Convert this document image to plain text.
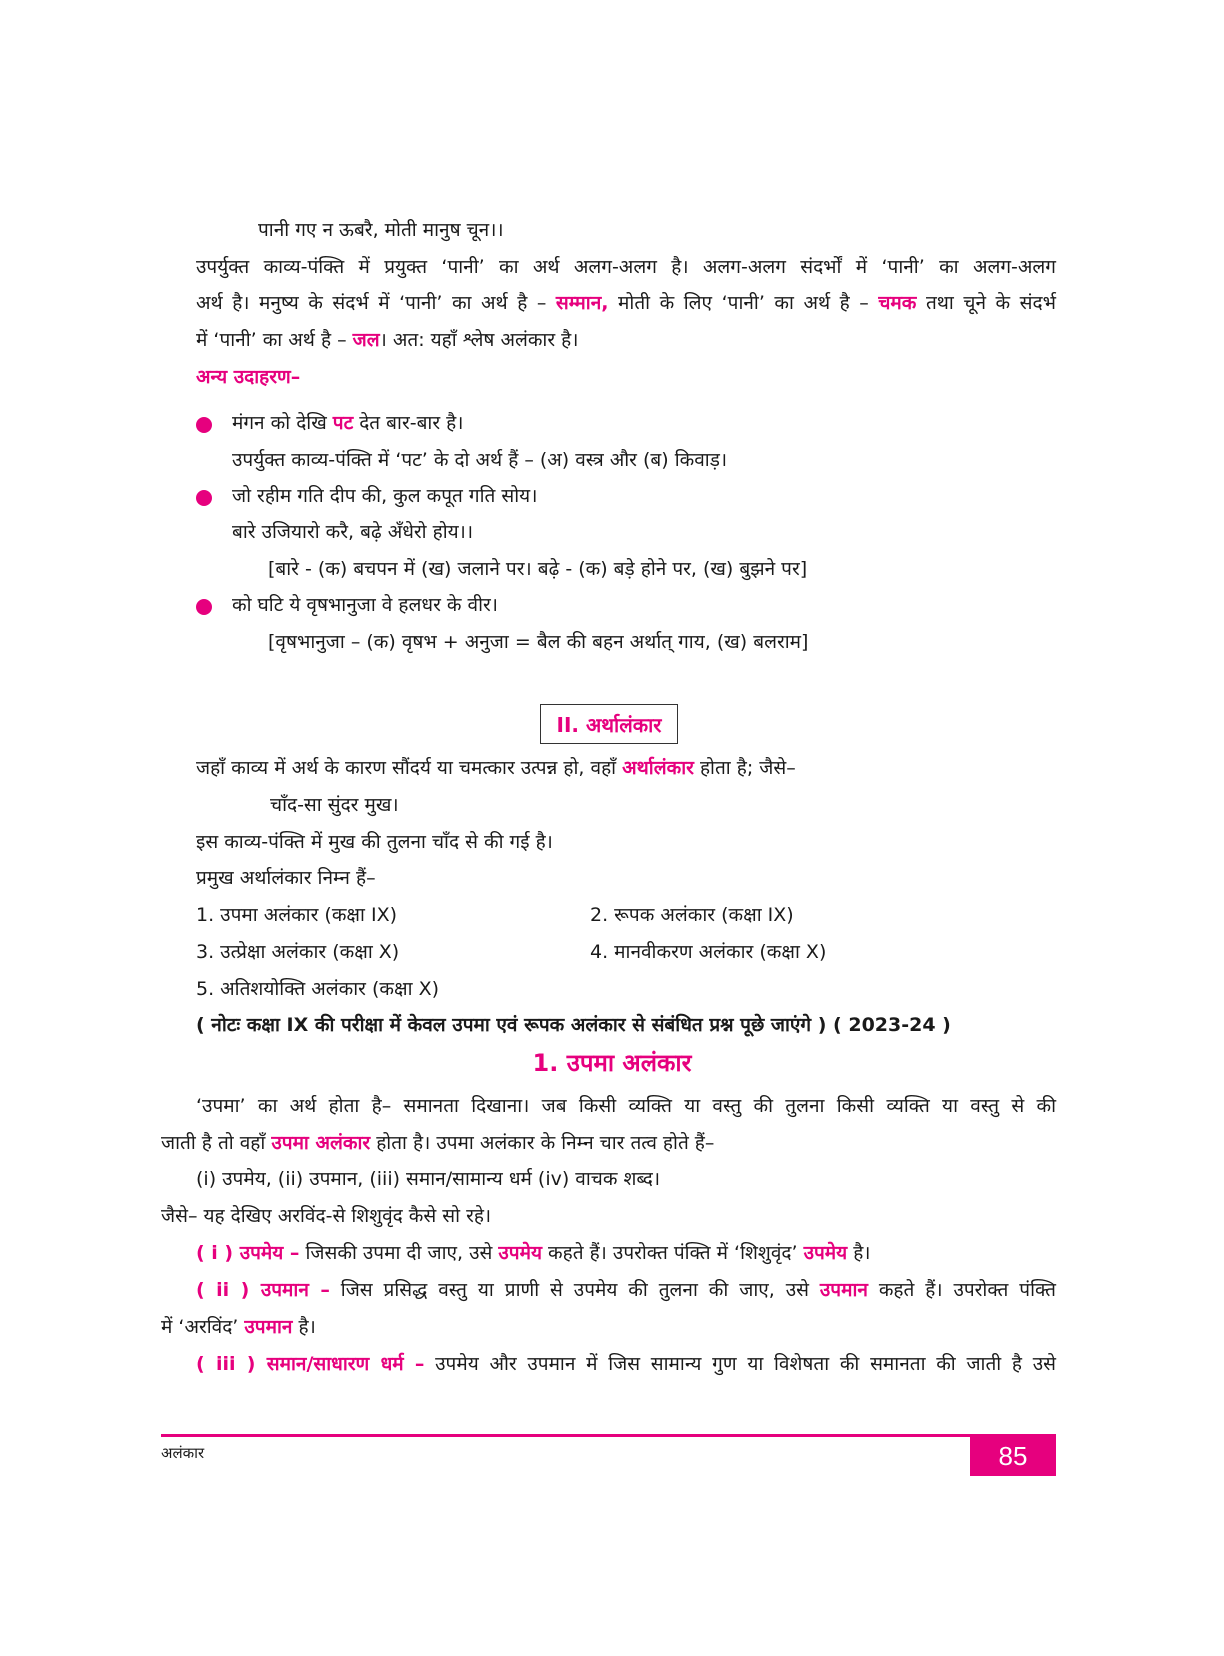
पानी गए न ऊबरै, मोती मानुष चून।।
उपर्युक्त काव्य-पंक्ति में प्रयुक्त ‘पानी’ का अर्थ अलग-अलग है। अलग-अलग संदर्भों में ‘पानी’ का अलग-अलग
अर्थ है। मनुष्य के संदर्भ में ‘पानी’ का अर्थ है – सम्मान, मोती के लिए ‘पानी’ का अर्थ है – चमक तथा चूने के संदर्भ
में ‘पानी’ का अर्थ है – जल। अत: यहाँ श्लेष अलंकार है।
अन्य उदाहरण–
मंगन को देखि पट देत बार-बार है।
उपर्युक्त काव्य-पंक्ति में ‘पट’ के दो अर्थ हैं – (अ) वस्त्र और (ब) किवाड़।
जो रहीम गति दीप की, कुल कपूत गति सोय।
बारे उजियारो करै, बढ़े अँधेरो होय।।
[बारे - (क) बचपन में (ख) जलाने पर। बढ़े - (क) बड़े होने पर, (ख) बुझने पर]
को घटि ये वृषभानुजा वे हलधर के वीर।
[वृषभानुजा – (क) वृषभ + अनुजा = बैल की बहन अर्थात् गाय, (ख) बलराम]
II. अर्थालंकार
जहाँ काव्य में अर्थ के कारण सौंदर्य या चमत्कार उत्पन्न हो, वहाँ अर्थालंकार होता है; जैसे–
चाँद-सा सुंदर मुख।
इस काव्य-पंक्ति में मुख की तुलना चाँद से की गई है।
प्रमुख अर्थालंकार निम्न हैं–
1. उपमा अलंकार (कक्षा IX)	2. रूपक अलंकार (कक्षा IX)
3. उत्प्रेक्षा अलंकार (कक्षा X)	4. मानवीकरण अलंकार (कक्षा X)
5. अतिशयोक्ति अलंकार (कक्षा X)
( नोटः कक्षा IX की परीक्षा में केवल उपमा एवं रूपक अलंकार से संबंधित प्रश्न पूछे जाएंगे ) ( 2023-24 )
1. उपमा अलंकार
‘उपमा’ का अर्थ होता है– समानता दिखाना। जब किसी व्यक्ति या वस्तु की तुलना किसी व्यक्ति या वस्तु से की
जाती है तो वहाँ उपमा अलंकार होता है। उपमा अलंकार के निम्न चार तत्व होते हैं–
(i) उपमेय, (ii) उपमान, (iii) समान/सामान्य धर्म (iv) वाचक शब्द।
जैसे– यह देखिए अरविंद-से शिशुवृंद कैसे सो रहे।
( i ) उपमेय – जिसकी उपमा दी जाए, उसे उपमेय कहते हैं। उपरोक्त पंक्ति में ‘शिशुवृंद’ उपमेय है।
( ii ) उपमान – जिस प्रसिद्ध वस्तु या प्राणी से उपमेय की तुलना की जाए, उसे उपमान कहते हैं। उपरोक्त पंक्ति
में ‘अरविंद’ उपमान है।
( iii ) समान/साधारण धर्म – उपमेय और उपमान में जिस सामान्य गुण या विशेषता की समानता की जाती है उसे
अलंकार	85
